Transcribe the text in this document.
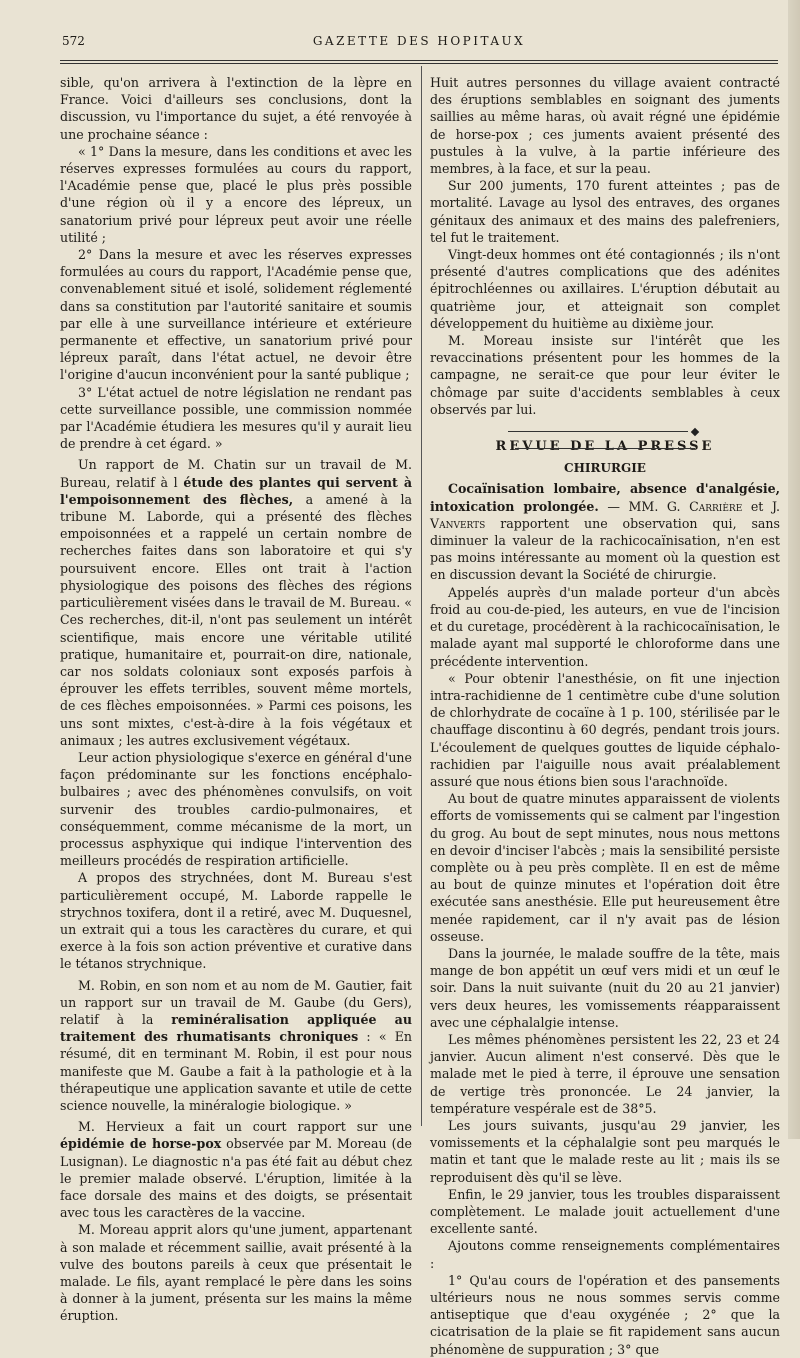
572	GAZETTE DES HOPITAUX

sible, qu'on arrivera à l'extinction de la lèpre en France. Voici d'ailleurs ses conclusions, dont la discussion, vu l'importance du sujet, a été renvoyée à une prochaine séance :

« 1° Dans la mesure, dans les conditions et avec les réserves expresses formulées au cours du rapport, l'Académie pense que, placé le plus près possible d'une région où il y a encore des lépreux, un sanatorium privé pour lépreux peut avoir une réelle utilité ;

2° Dans la mesure et avec les réserves expresses formulées au cours du rapport, l'Académie pense que, convenablement situé et isolé, solidement réglementé dans sa constitution par l'autorité sanitaire et soumis par elle à une surveillance intérieure et extérieure permanente et effective, un sanatorium privé pour lépreux paraît, dans l'état actuel, ne devoir être l'origine d'aucun inconvénient pour la santé publique ;

3° L'état actuel de notre législation ne rendant pas cette surveillance possible, une commission nommée par l'Académie étudiera les mesures qu'il y aurait lieu de prendre à cet égard. »

Un rapport de M. Chatin sur un travail de M. Bureau, relatif à l étude des plantes qui servent à l'empoisonnement des flèches, a amené à la tribune M. Laborde, qui a présenté des flèches empoisonnées et a rappelé un certain nombre de recherches faites dans son laboratoire et qui s'y poursuivent encore. Elles ont trait à l'action physiologique des poisons des flèches des régions particulièrement visées dans le travail de M. Bureau. « Ces recherches, dit-il, n'ont pas seulement un intérêt scientifique, mais encore une véritable utilité pratique, humanitaire et, pourrait-on dire, nationale, car nos soldats coloniaux sont exposés parfois à éprouver les effets terribles, souvent même mortels, de ces flèches empoisonnées. » Parmi ces poisons, les uns sont mixtes, c'est-à-dire à la fois végétaux et animaux ; les autres exclusivement végétaux.

Leur action physiologique s'exerce en général d'une façon prédominante sur les fonctions encéphalo-bulbaires ; avec des phénomènes convulsifs, on voit survenir des troubles cardio-pulmonaires, et conséquemment, comme mécanisme de la mort, un processus asphyxique qui indique l'intervention des meilleurs procédés de respiration artificielle.

A propos des strychnées, dont M. Bureau s'est particulièrement occupé, M. Laborde rappelle le strychnos toxifera, dont il a retiré, avec M. Duquesnel, un extrait qui a tous les caractères du curare, et qui exerce à la fois son action préventive et curative dans le tétanos strychnique.

M. Robin, en son nom et au nom de M. Gautier, fait un rapport sur un travail de M. Gaube (du Gers), relatif à la reminéralisation appliquée au traitement des rhumatisants chroniques : « En résumé, dit en terminant M. Robin, il est pour nous manifeste que M. Gaube a fait à la pathologie et à la thérapeutique une application savante et utile de cette science nouvelle, la minéralogie biologique. »

M. Hervieux a fait un court rapport sur une épidémie de horse-pox observée par M. Moreau (de Lusignan). Le diagnostic n'a pas été fait au début chez le premier malade observé. L'éruption, limitée à la face dorsale des mains et des doigts, se présentait avec tous les caractères de la vaccine.

M. Moreau apprit alors qu'une jument, appartenant à son malade et récemment saillie, avait présenté à la vulve des boutons pareils à ceux que présentait le malade. Le fils, ayant remplacé le père dans les soins à donner à la jument, présenta sur les mains la même éruption.

Huit autres personnes du village avaient contracté des éruptions semblables en soignant des juments saillies au même haras, où avait régné une épidémie de horse-pox ; ces juments avaient présenté des pustules à la vulve, à la partie inférieure des membres, à la face, et sur la peau.

Sur 200 juments, 170 furent atteintes ; pas de mortalité. Lavage au lysol des entraves, des organes génitaux des animaux et des mains des palefreniers, tel fut le traitement.

Vingt-deux hommes ont été contagionnés ; ils n'ont présenté d'autres complications que des adénites épitrochléennes ou axillaires. L'éruption débutait au quatrième jour, et atteignait son complet développement du huitième au dixième jour.

M. Moreau insiste sur l'intérêt que les revaccinations présentent pour les hommes de la campagne, ne serait-ce que pour leur éviter le chômage par suite d'accidents semblables à ceux observés par lui.

REVUE DE LA PRESSE
CHIRURGIE

Cocaïnisation lombaire, absence d'analgésie, intoxication prolongée. — MM. G. Carrière et J. Vanverts rapportent une observation qui, sans diminuer la valeur de la rachicocaïnisation, n'en est pas moins intéressante au moment où la question est en discussion devant la Société de chirurgie.

Appelés auprès d'un malade porteur d'un abcès froid au cou-de-pied, les auteurs, en vue de l'incision et du curetage, procédèrent à la rachicocaïnisation, le malade ayant mal supporté le chloroforme dans une précédente intervention.

« Pour obtenir l'anesthésie, on fit une injection intra-rachidienne de 1 centimètre cube d'une solution de chlorhydrate de cocaïne à 1 p. 100, stérilisée par le chauffage discontinu à 60 degrés, pendant trois jours. L'écoulement de quelques gouttes de liquide céphalo-rachidien par l'aiguille nous avait préalablement assuré que nous étions bien sous l'arachnoïde.

Au bout de quatre minutes apparaissent de violents efforts de vomissements qui se calment par l'ingestion du grog. Au bout de sept minutes, nous nous mettons en devoir d'inciser l'abcès ; mais la sensibilité persiste complète ou à peu près complète. Il en est de même au bout de quinze minutes et l'opération doit être exécutée sans anesthésie. Elle put heureusement être menée rapidement, car il n'y avait pas de lésion osseuse.

Dans la journée, le malade souffre de la tête, mais mange de bon appétit un œuf vers midi et un œuf le soir. Dans la nuit suivante (nuit du 20 au 21 janvier) vers deux heures, les vomissements réapparaissent avec une céphalalgie intense.

Les mêmes phénomènes persistent les 22, 23 et 24 janvier. Aucun aliment n'est conservé. Dès que le malade met le pied à terre, il éprouve une sensation de vertige très prononcée. Le 24 janvier, la température vespérale est de 38°5.

Les jours suivants, jusqu'au 29 janvier, les vomissements et la céphalalgie sont peu marqués le matin et tant que le malade reste au lit ; mais ils se reproduisent dès qu'il se lève.

Enfin, le 29 janvier, tous les troubles disparaissent complètement. Le malade jouit actuellement d'une excellente santé.

Ajoutons comme renseignements complémentaires :

1° Qu'au cours de l'opération et des pansements ultérieurs nous ne nous sommes servis comme antiseptique que d'eau oxygénée ; 2° que la cicatrisation de la plaie se fit rapidement sans aucun phénomène de suppuration ; 3° que
